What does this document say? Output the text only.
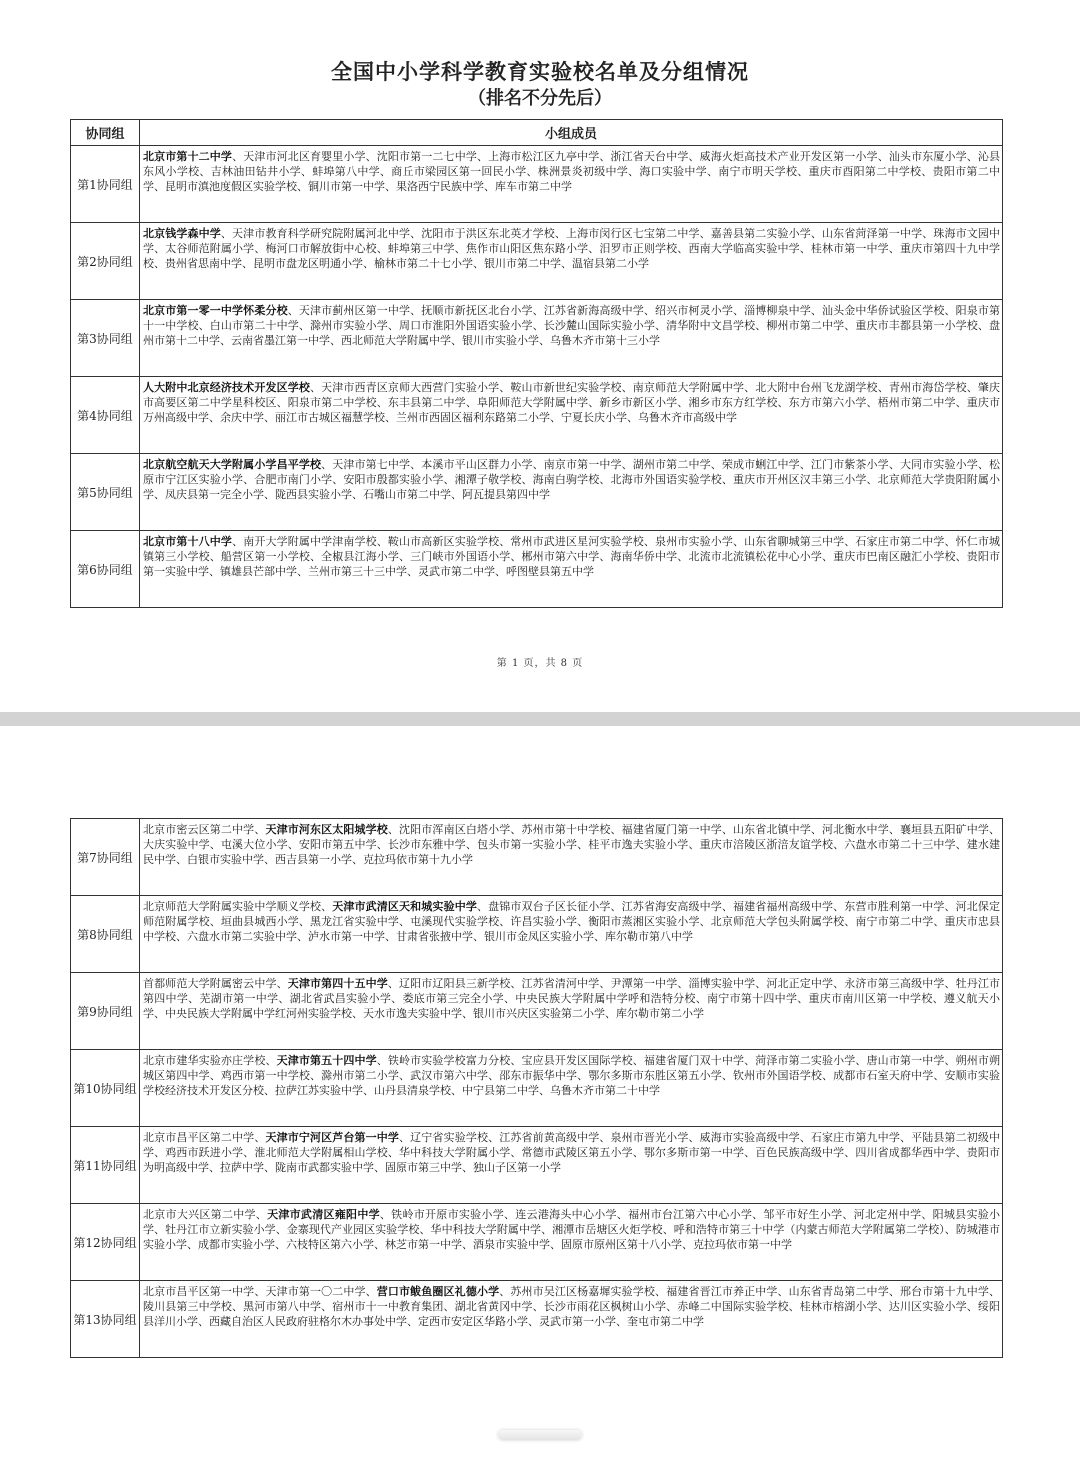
全国中小学科学教育实验校名单及分组情况
（排名不分先后）
协同组	小组成员
第1协同组	北京市第十二中学、天津市河北区育婴里小学、沈阳市第一二七中学、上海市松江区九亭中学、浙江省天台中学、威海火炬高技术产业开发区第一小学、汕头市东厦小学、沁县东风小学校、吉林油田钻井小学、蚌埠第八中学、商丘市梁园区第一回民小学、株洲景炎初级中学、海口实验中学、南宁市明天学校、重庆市酉阳第二中学校、贵阳市第二中学、昆明市滇池度假区实验学校、铜川市第一中学、果洛西宁民族中学、库车市第二中学
第2协同组	北京钱学森中学、天津市教育科学研究院附属河北中学、沈阳市于洪区东北英才学校、上海市闵行区七宝第二中学、嘉善县第二实验小学、山东省菏泽第一中学、珠海市文园中学、太谷师范附属小学、梅河口市解放街中心校、蚌埠第三中学、焦作市山阳区焦东路小学、汨罗市正则学校、西南大学临高实验中学、桂林市第一中学、重庆市第四十九中学校、贵州省思南中学、昆明市盘龙区明通小学、榆林市第二十七小学、银川市第二中学、温宿县第二小学
第3协同组	北京市第一零一中学怀柔分校、天津市蓟州区第一中学、抚顺市新抚区北台小学、江苏省新海高级中学、绍兴市柯灵小学、淄博柳泉中学、汕头金中华侨试验区学校、阳泉市第十一中学校、白山市第二十中学、滁州市实验小学、周口市淮阳外国语实验小学、长沙麓山国际实验小学、清华附中文昌学校、柳州市第二中学、重庆市丰都县第一小学校、盘州市第十二中学、云南省墨江第一中学、西北师范大学附属中学、银川市实验小学、乌鲁木齐市第十三小学
第4协同组	人大附中北京经济技术开发区学校、天津市西青区京师大西营门实验小学、鞍山市新世纪实验学校、南京师范大学附属中学、北大附中台州飞龙湖学校、青州市海岱学校、肇庆市高要区第二中学星科校区、阳泉市第二中学校、东丰县第二中学、阜阳师范大学附属中学、新乡市新区小学、湘乡市东方红学校、东方市第六小学、梧州市第二中学、重庆市万州高级中学、余庆中学、丽江市古城区福慧学校、兰州市西固区福利东路第二小学、宁夏长庆小学、乌鲁木齐市高级中学
第5协同组	北京航空航天大学附属小学昌平学校、天津市第七中学、本溪市平山区群力小学、南京市第一中学、湖州市第二中学、荣成市蜊江中学、江门市紫茶小学、大同市实验小学、松原市宁江区实验小学、合肥市南门小学、安阳市殷都实验小学、湘潭子敬学校、海南白驹学校、北海市外国语实验学校、重庆市开州区汉丰第三小学、北京师范大学贵阳附属小学、凤庆县第一完全小学、陇西县实验小学、石嘴山市第二中学、阿瓦提县第四中学
第6协同组	北京市第十八中学、南开大学附属中学津南学校、鞍山市高新区实验学校、常州市武进区星河实验学校、泉州市实验小学、山东省聊城第三中学、石家庄市第二中学、怀仁市城镇第三小学校、船营区第一小学校、全椒县江海小学、三门峡市外国语小学、郴州市第六中学、海南华侨中学、北流市北流镇松花中心小学、重庆市巴南区融汇小学校、贵阳市第一实验中学、镇雄县芒部中学、兰州市第三十三中学、灵武市第二中学、呼图壁县第五中学
第 1 页，共 8 页
第7协同组	北京市密云区第二中学、天津市河东区太阳城学校、沈阳市浑南区白塔小学、苏州市第十中学校、福建省厦门第一中学、山东省北镇中学、河北衡水中学、襄垣县五阳矿中学、大庆实验中学、屯溪大位小学、安阳市第五中学、长沙市东雅中学、包头市第一实验小学、桂平市逸夫实验小学、重庆市涪陵区浙涪友谊学校、六盘水市第二十三中学、建水建民中学、白银市实验中学、西吉县第一小学、克拉玛依市第十九小学
第8协同组	北京师范大学附属实验中学顺义学校、天津市武清区天和城实验中学、盘锦市双台子区长征小学、江苏省海安高级中学、福建省福州高级中学、东营市胜利第一中学、河北保定师范附属学校、垣曲县城西小学、黑龙江省实验中学、屯溪现代实验学校、许昌实验小学、衡阳市蒸湘区实验小学、北京师范大学包头附属学校、南宁市第二中学、重庆市忠县中学校、六盘水市第二实验中学、泸水市第一中学、甘肃省张掖中学、银川市金凤区实验小学、库尔勒市第八中学
第9协同组	首都师范大学附属密云中学、天津市第四十五中学、辽阳市辽阳县三新学校、江苏省清河中学、尹潭第一中学、淄博实验中学、河北正定中学、永济市第三高级中学、牡丹江市第四中学、芜湖市第一中学、湖北省武昌实验小学、娄底市第三完全小学、中央民族大学附属中学呼和浩特分校、南宁市第十四中学、重庆市南川区第一中学校、遵义航天小学、中央民族大学附属中学红河州实验学校、天水市逸夫实验中学、银川市兴庆区实验第二小学、库尔勒市第二小学
第10协同组	北京市建华实验亦庄学校、天津市第五十四中学、铁岭市实验学校富力分校、宝应县开发区国际学校、福建省厦门双十中学、菏泽市第二实验小学、唐山市第一中学、朔州市朔城区第四中学、鸡西市第一中学校、滁州市第二小学、武汉市第六中学、邵东市振华中学、鄂尔多斯市东胜区第五小学、钦州市外国语学校、成都市石室天府中学、安顺市实验学校经济技术开发区分校、拉萨江苏实验中学、山丹县清泉学校、中宁县第二中学、乌鲁木齐市第二十中学
第11协同组	北京市昌平区第二中学、天津市宁河区芦台第一中学、辽宁省实验学校、江苏省前黄高级中学、泉州市晋光小学、威海市实验高级中学、石家庄市第九中学、平陆县第二初级中学、鸡西市跃进小学、淮北师范大学附属相山学校、华中科技大学附属小学、常德市武陵区第五小学、鄂尔多斯市第一中学、百色民族高级中学、四川省成都华西中学、贵阳市为明高级中学、拉萨中学、陇南市武都实验中学、固原市第三中学、独山子区第一小学
第12协同组	北京市大兴区第二中学、天津市武清区雍阳中学、铁岭市开原市实验小学、连云港海头中心小学、福州市台江第六中心小学、邹平市好生小学、河北定州中学、阳城县实验小学、牡丹江市立新实验小学、金寨现代产业园区实验学校、华中科技大学附属中学、湘潭市岳塘区火炬学校、呼和浩特市第三十中学（内蒙古师范大学附属第二学校）、防城港市实验小学、成都市实验小学、六枝特区第六小学、林芝市第一中学、酒泉市实验中学、固原市原州区第十八小学、克拉玛依市第一中学
第13协同组	北京市昌平区第一中学、天津市第一〇二中学、营口市鲅鱼圈区礼德小学、苏州市吴江区杨嘉墀实验学校、福建省晋江市养正中学、山东省青岛第二中学、邢台市第十九中学、陵川县第三中学校、黑河市第八中学、宿州市十一中教育集团、湖北省黄冈中学、长沙市雨花区枫树山小学、赤峰二中国际实验学校、桂林市榕湖小学、达川区实验小学、绥阳县洋川小学、西藏自治区人民政府驻格尔木办事处中学、定西市安定区华路小学、灵武市第一小学、奎屯市第二中学
